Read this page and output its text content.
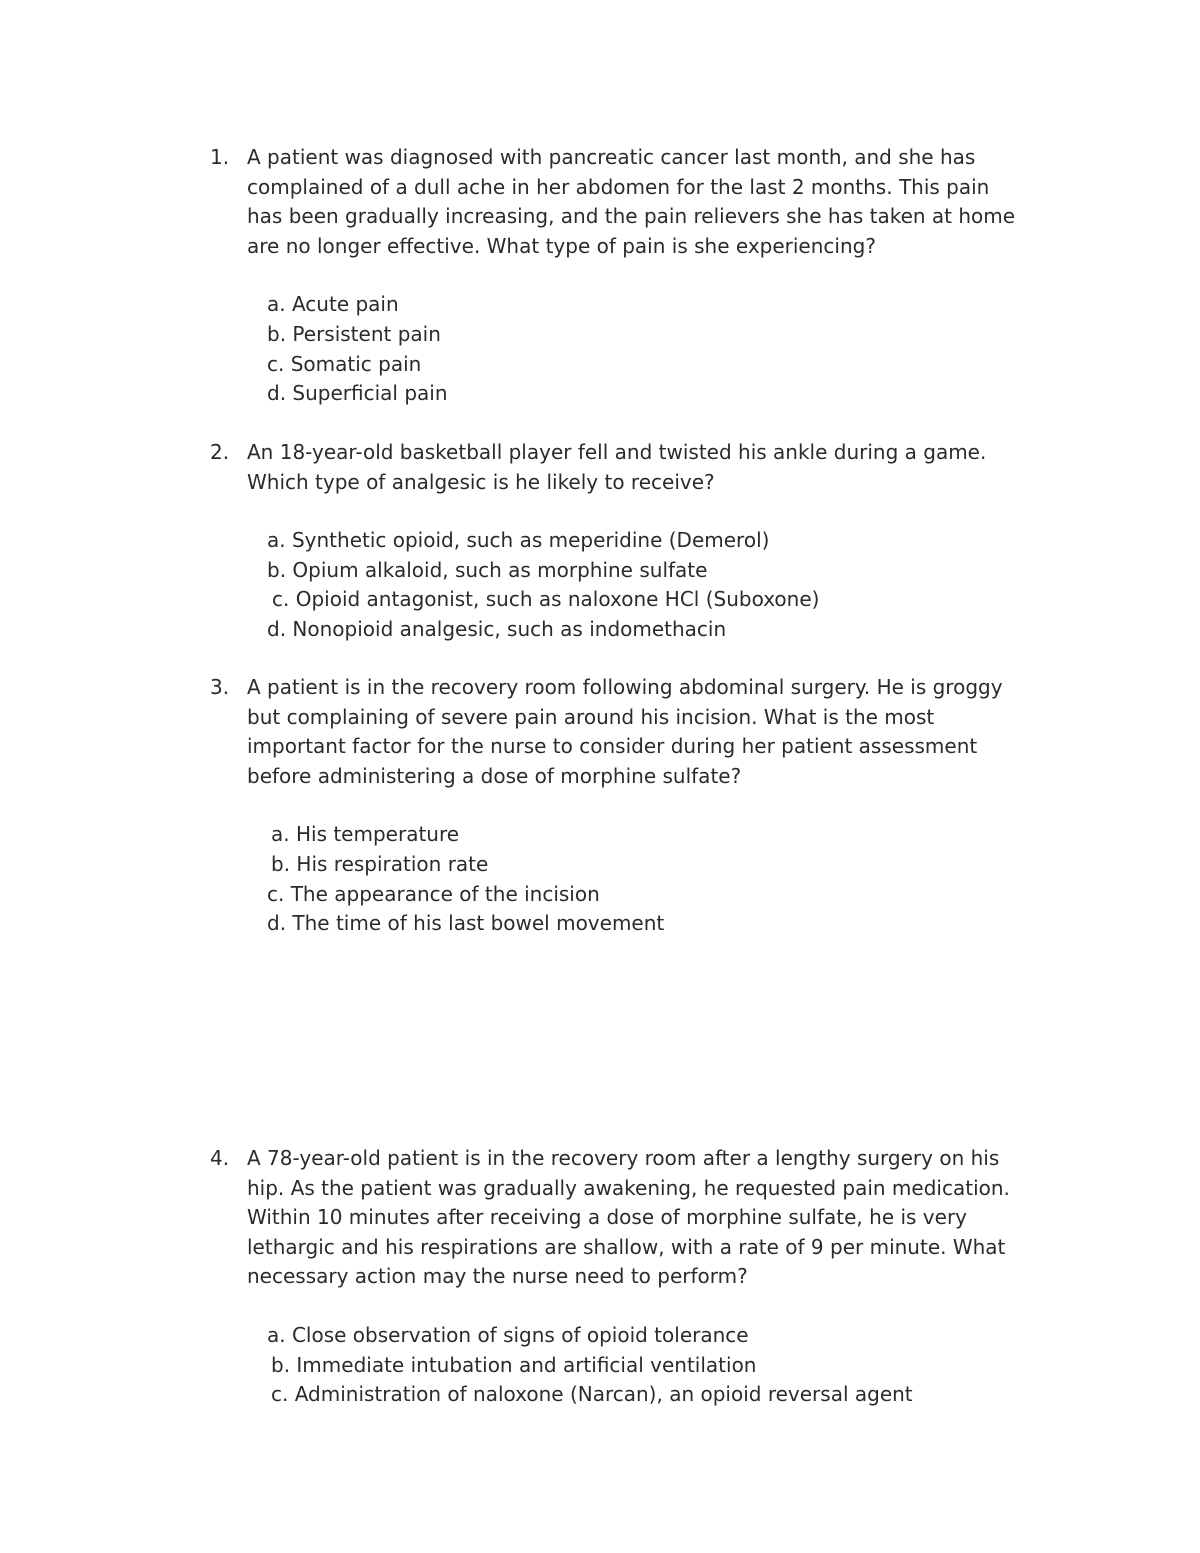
1. A patient was diagnosed with pancreatic cancer last month, and she has complained of a dull ache in her abdomen for the last 2 months. This pain has been gradually increasing, and the pain relievers she has taken at home are no longer effective. What type of pain is she experiencing?
a. Acute pain
b. Persistent pain
c. Somatic pain
d. Superficial pain
2. An 18-year-old basketball player fell and twisted his ankle during a game. Which type of analgesic is he likely to receive?
a. Synthetic opioid, such as meperidine (Demerol)
b. Opium alkaloid, such as morphine sulfate
c. Opioid antagonist, such as naloxone HCl (Suboxone)
d. Nonopioid analgesic, such as indomethacin
3. A patient is in the recovery room following abdominal surgery. He is groggy but complaining of severe pain around his incision. What is the most important factor for the nurse to consider during her patient assessment before administering a dose of morphine sulfate?
a. His temperature
b. His respiration rate
c. The appearance of the incision
d. The time of his last bowel movement
4. A 78-year-old patient is in the recovery room after a lengthy surgery on his hip. As the patient was gradually awakening, he requested pain medication. Within 10 minutes after receiving a dose of morphine sulfate, he is very lethargic and his respirations are shallow, with a rate of 9 per minute. What necessary action may the nurse need to perform?
a. Close observation of signs of opioid tolerance
b. Immediate intubation and artificial ventilation
c. Administration of naloxone (Narcan), an opioid reversal agent
